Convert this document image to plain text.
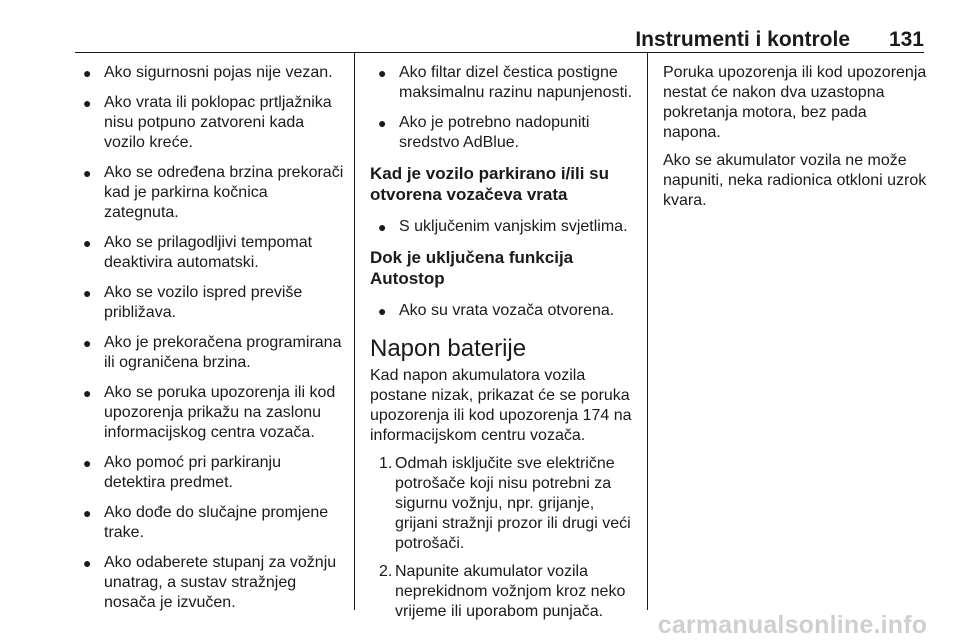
Instrumenti i kontrole	131
● Ako sigurnosni pojas nije vezan.
● Ako vrata ili poklopac prtljažnika nisu potpuno zatvoreni kada vozilo kreće.
● Ako se određena brzina prekorači kad je parkirna kočnica zategnuta.
● Ako se prilagodljivi tempomat deaktivira automatski.
● Ako se vozilo ispred previše približava.
● Ako je prekoračena programirana ili ograničena brzina.
● Ako se poruka upozorenja ili kod upozorenja prikažu na zaslonu informacijskog centra vozača.
● Ako pomoć pri parkiranju detektira predmet.
● Ako dođe do slučajne promjene trake.
● Ako odaberete stupanj za vožnju unatrag, a sustav stražnjeg nosača je izvučen.
● Ako filtar dizel čestica postigne maksimalnu razinu napunjenosti.
● Ako je potrebno nadopuniti sredstvo AdBlue.
Kad je vozilo parkirano i/ili su otvorena vozačeva vrata
● S uključenim vanjskim svjetlima.
Dok je uključena funkcija Autostop
● Ako su vrata vozača otvorena.
Napon baterije

Kad napon akumulatora vozila postane nizak, prikazat će se poruka upozorenja ili kod upozorenja 174 na informacijskom centru vozača.

1. Odmah isključite sve električne potrošače koji nisu potrebni za sigurnu vožnju, npr. grijanje, grijani stražnji prozor ili drugi veći potrošači.
2. Napunite akumulator vozila neprekidnom vožnjom kroz neko vrijeme ili uporabom punjača.

Poruka upozorenja ili kod upozorenja nestat će nakon dva uzastopna pokretanja motora, bez pada napona.

Ako se akumulator vozila ne može napuniti, neka radionica otkloni uzrok kvara.

carmanualsonline.info
